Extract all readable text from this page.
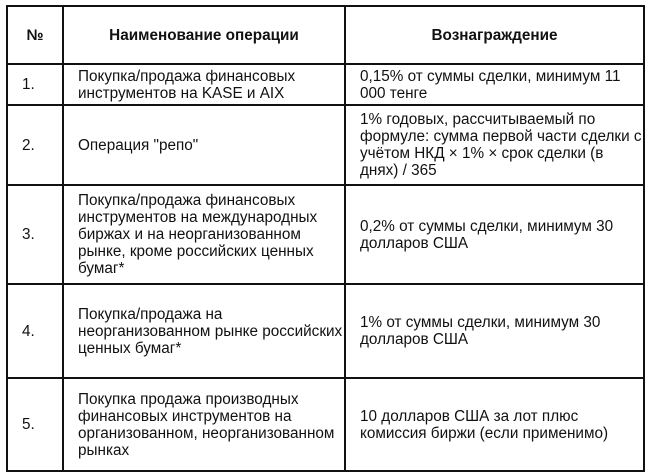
№	Наименование операции	Вознаграждение
1.	Покупка/продажа финансовых инструментов на KASE и AIX	0,15% от суммы сделки, минимум 11 000 тенге
2.	Операция "репо"	1% годовых, рассчитываемый по формуле: сумма первой части сделки с учётом НКД × 1% × срок сделки (в днях) / 365
3.	Покупка/продажа финансовых инструментов на международных биржах и на неорганизованном рынке, кроме российских ценных бумаг*	0,2% от суммы сделки, минимум 30 долларов США
4.	Покупка/продажа на неорганизованном рынке российских ценных бумаг*	1% от суммы сделки, минимум 30 долларов США
5.	Покупка продажа производных финансовых инструментов на организованном, неорганизованном рынках	10 долларов США за лот плюс комиссия биржи (если применимо)
